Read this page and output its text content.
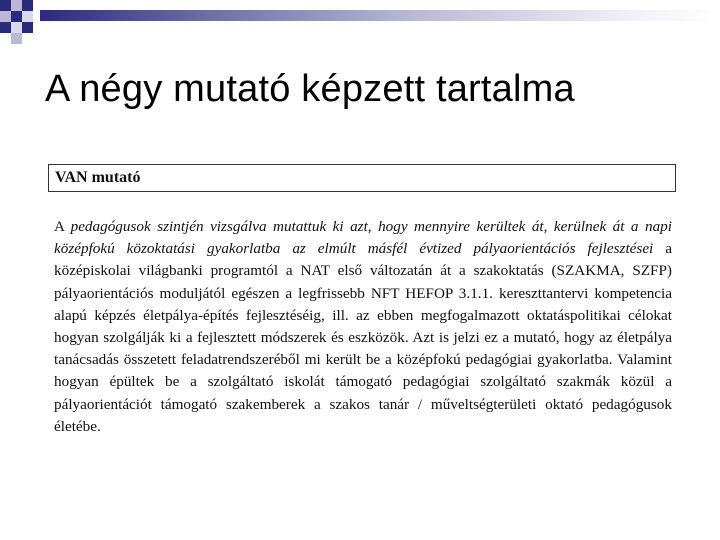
A négy mutató képzett tartalma
VAN mutató
A pedagógusok szintjén vizsgálva mutattuk ki azt, hogy mennyire kerültek át, kerülnek át a napi középfokú közoktatási gyakorlatba az elmúlt másfél évtized pályaorientációs fejlesztései a középiskolai világbanki programtól a NAT első változatán át a szakoktatás (SZAKMA, SZFP) pályaorientációs moduljától egészen a legfrissebb NFT HEFOP 3.1.1. kereszttantervi kompetencia alapú képzés életpálya-építés fejlesztéséig, ill. az ebben megfogalmazott oktatáspolitikai célokat hogyan szolgálják ki a fejlesztett módszerek és eszközök. Azt is jelzi ez a mutató, hogy az életpálya tanácsadás összetett feladatrendszeréből mi került be a középfokú pedagógiai gyakorlatba. Valamint hogyan épültek be a szolgáltató iskolát támogató pedagógiai szolgáltató szakmák közül a pályaorientációt támogató szakemberek a szakos tanár / műveltségterületi oktató pedagógusok életébe.
